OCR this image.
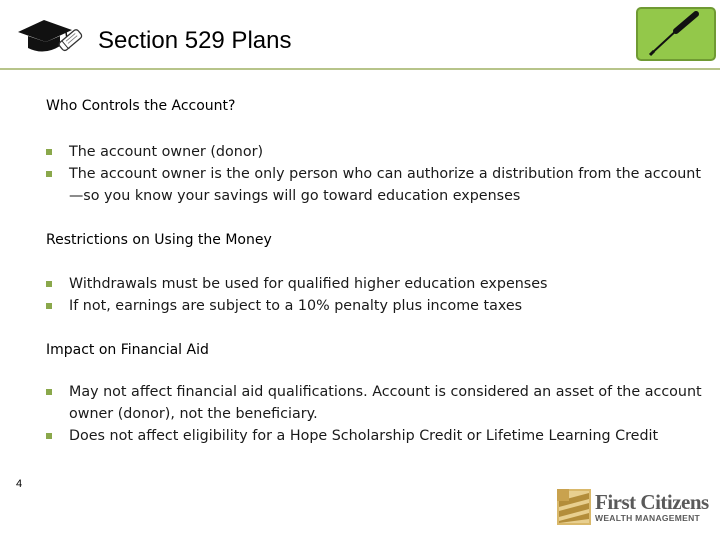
Section 529 Plans
Who Controls the Account?
The account owner (donor)
The account owner is the only person who can authorize a distribution from the account—so you know your savings will go toward education expenses
Restrictions on Using the Money
Withdrawals must be used for qualified higher education expenses
If not, earnings are subject to a 10% penalty plus income taxes
Impact on Financial Aid
May not affect financial aid qualifications. Account is considered an asset of the account owner (donor), not the beneficiary.
Does not affect eligibility for a Hope Scholarship Credit or Lifetime Learning Credit
4
First Citizens
WEALTH MANAGEMENT
